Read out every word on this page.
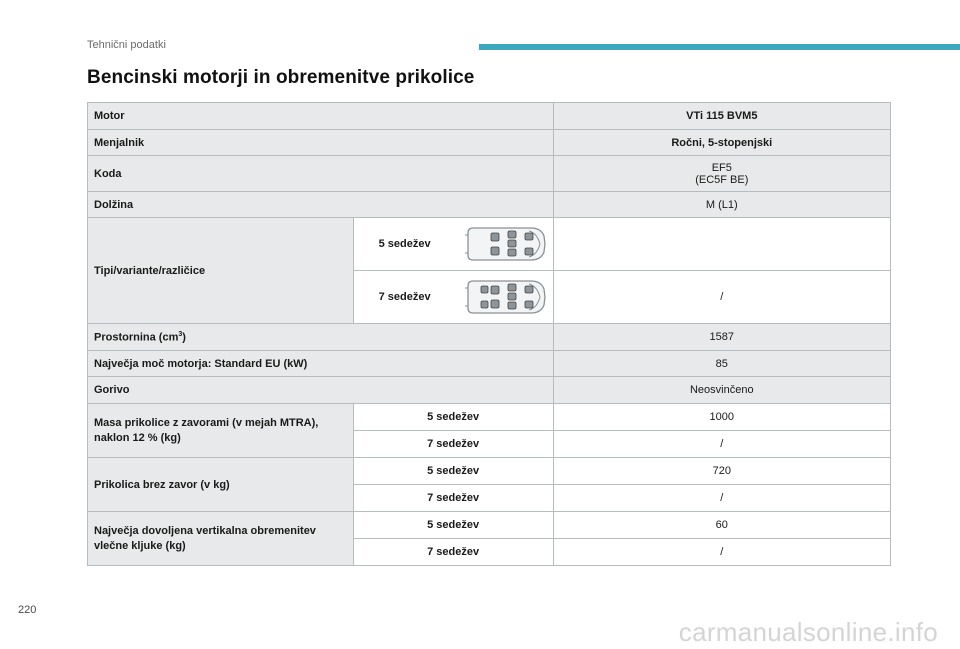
Tehnični podatki
Bencinski motorji in obremenitve prikolice
Motor		VTi 115 BVM5
Menjalnik		Ročni, 5-stopenjski
Koda		EF5
(EC5F BE)

Dolžina		M (L1)
Tipi/variante/različice	5 sedežev	

	7 sedežev	/
Prostornina $(cm^3)$		1587
Največja moč motorja: Standard EU (kW)		85
Gorivo		Neosvinčeno
Masa prikolice z zavorami (v mejah MTRA), naklon 12 % (kg)	5 sedežev	1000
	7 sedežev	/
Prikolica brez zavor (v kg)	5 sedežev	720
	7 sedežev	/
Največja dovoljena vertikalna obremenitev vlečne kljuke (kg)	5 sedežev	60
	7 sedežev	/
220
carmanualsonline.info
